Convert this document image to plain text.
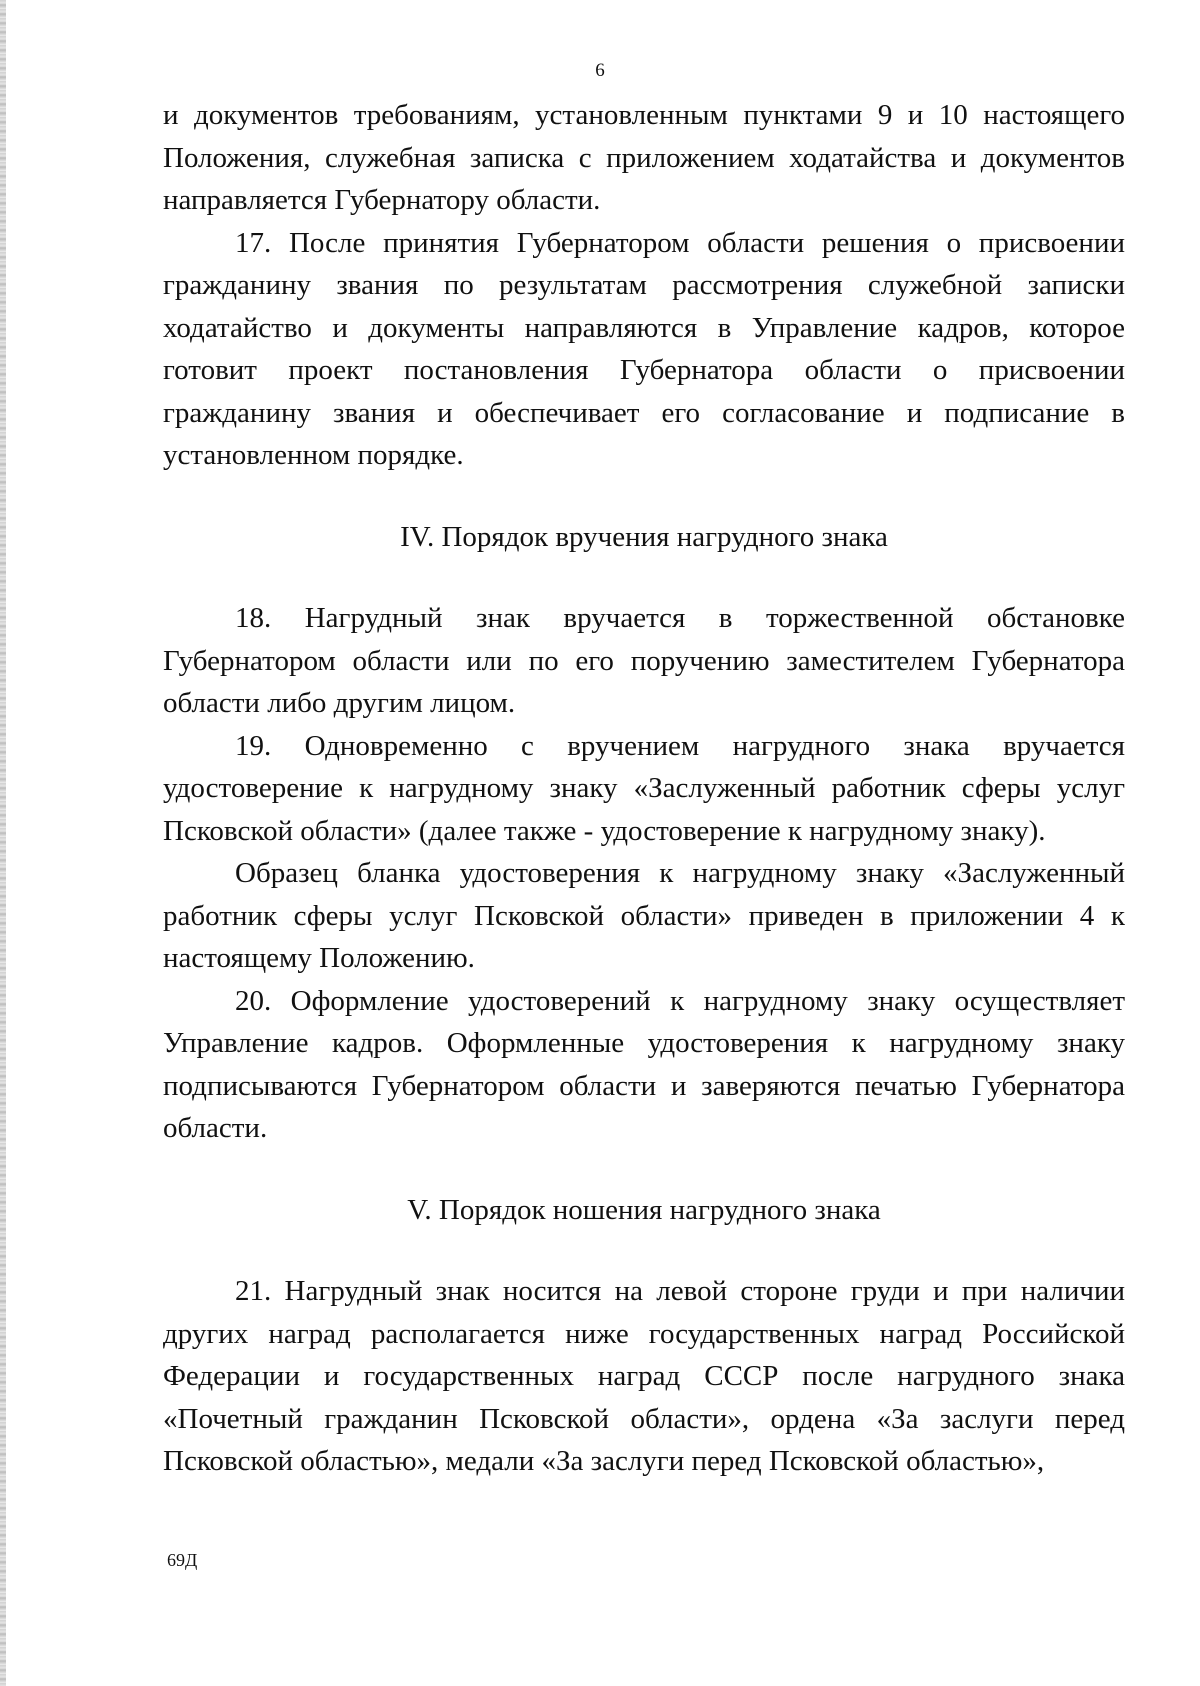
6

и документов требованиям, установленным пунктами 9 и 10 настоящего Положения, служебная записка с приложением ходатайства и документов направляется Губернатору области.

17. После принятия Губернатором области решения о присвоении гражданину звания по результатам рассмотрения служебной записки ходатайство и документы направляются в Управление кадров, которое готовит проект постановления Губернатора области о присвоении гражданину звания и обеспечивает его согласование и подписание в установленном порядке.

IV. Порядок вручения нагрудного знака

18. Нагрудный знак вручается в торжественной обстановке Губернатором области или по его поручению заместителем Губернатора области либо другим лицом.

19. Одновременно с вручением нагрудного знака вручается удостоверение к нагрудному знаку «Заслуженный работник сферы услуг Псковской области» (далее также - удостоверение к нагрудному знаку).

Образец бланка удостоверения к нагрудному знаку «Заслуженный работник сферы услуг Псковской области» приведен в приложении 4 к настоящему Положению.

20. Оформление удостоверений к нагрудному знаку осуществляет Управление кадров. Оформленные удостоверения к нагрудному знаку подписываются Губернатором области и заверяются печатью Губернатора области.

V. Порядок ношения нагрудного знака

21. Нагрудный знак носится на левой стороне груди и при наличии других наград располагается ниже государственных наград Российской Федерации и государственных наград СССР после нагрудного знака «Почетный гражданин Псковской области», ордена «За заслуги перед Псковской областью», медали «За заслуги перед Псковской областью»,

69Д
